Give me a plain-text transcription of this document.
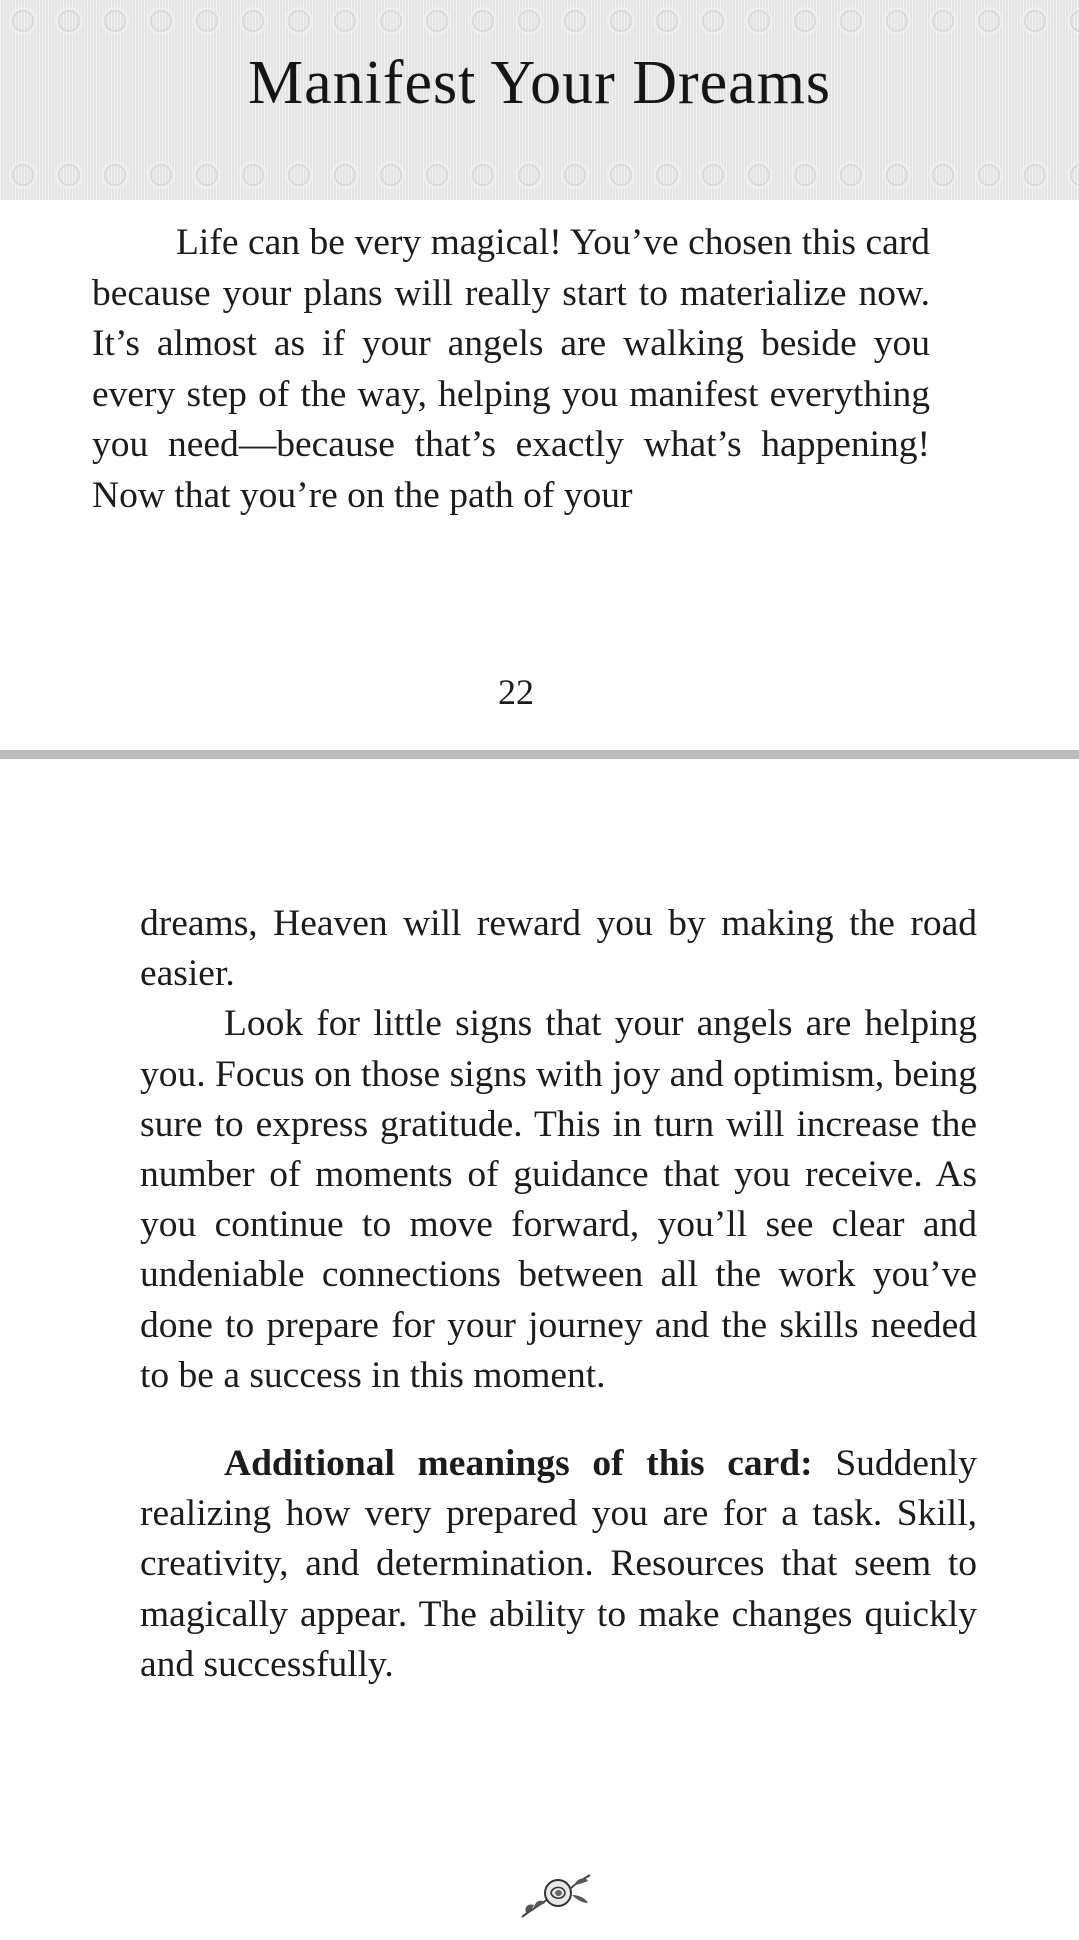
Manifest Your Dreams

Life can be very magical! You’ve chosen this card because your plans will really start to materialize now. It’s almost as if your angels are walking beside you every step of the way, helping you manifest everything you need—because that’s exactly what’s happening! Now that you’re on the path of your

22

dreams, Heaven will reward you by making the road easier.

Look for little signs that your angels are helping you. Focus on those signs with joy and optimism, being sure to express gratitude. This in turn will increase the number of moments of guidance that you receive. As you continue to move forward, you’ll see clear and undeniable connections between all the work you’ve done to prepare for your journey and the skills needed to be a success in this moment.

Additional meanings of this card: Suddenly realizing how very prepared you are for a task. Skill, creativity, and determination. Resources that seem to magically appear. The ability to make changes quickly and successfully.
